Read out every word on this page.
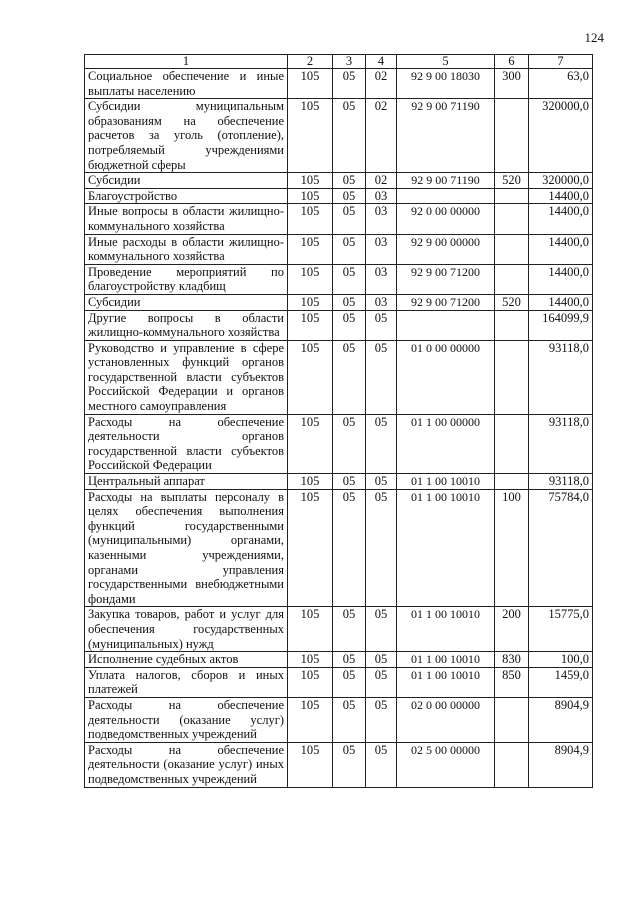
124
1	2	3	4	5	6	7
Социальное обеспечение и иные выплаты населению	105	05	02	92 9 00 18030	300	63,0
Субсидии муниципальным образованиям на обеспечение расчетов за уголь (отопление), потребляемый учреждениями бюджетной сферы	105	05	02	92 9 00 71190		320000,0
Субсидии	105	05	02	92 9 00 71190	520	320000,0
Благоустройство	105	05	03			14400,0
Иные вопросы в области жилищно-коммунального хозяйства	105	05	03	92 0 00 00000		14400,0
Иные расходы в области жилищно-коммунального хозяйства	105	05	03	92 9 00 00000		14400,0
Проведение мероприятий по благоустройству кладбищ	105	05	03	92 9 00 71200		14400,0
Субсидии	105	05	03	92 9 00 71200	520	14400,0
Другие вопросы в области жилищно-коммунального хозяйства	105	05	05			164099,9
Руководство и управление в сфере установленных функций органов государственной власти субъектов Российской Федерации и органов местного самоуправления	105	05	05	01 0 00 00000		93118,0
Расходы на обеспечение деятельности органов государственной власти субъектов Российской Федерации	105	05	05	01 1 00 00000		93118,0
Центральный аппарат	105	05	05	01 1 00 10010		93118,0
Расходы на выплаты персоналу в целях обеспечения выполнения функций государственными (муниципальными) органами, казенными учреждениями, органами управления государственными внебюджетными фондами	105	05	05	01 1 00 10010	100	75784,0
Закупка товаров, работ и услуг для обеспечения государственных (муниципальных) нужд	105	05	05	01 1 00 10010	200	15775,0
Исполнение судебных актов	105	05	05	01 1 00 10010	830	100,0
Уплата налогов, сборов и иных платежей	105	05	05	01 1 00 10010	850	1459,0
Расходы на обеспечение деятельности (оказание услуг) подведомственных учреждений	105	05	05	02 0 00 00000		8904,9
Расходы на обеспечение деятельности (оказание услуг) иных подведомственных учреждений	105	05	05	02 5 00 00000		8904,9
